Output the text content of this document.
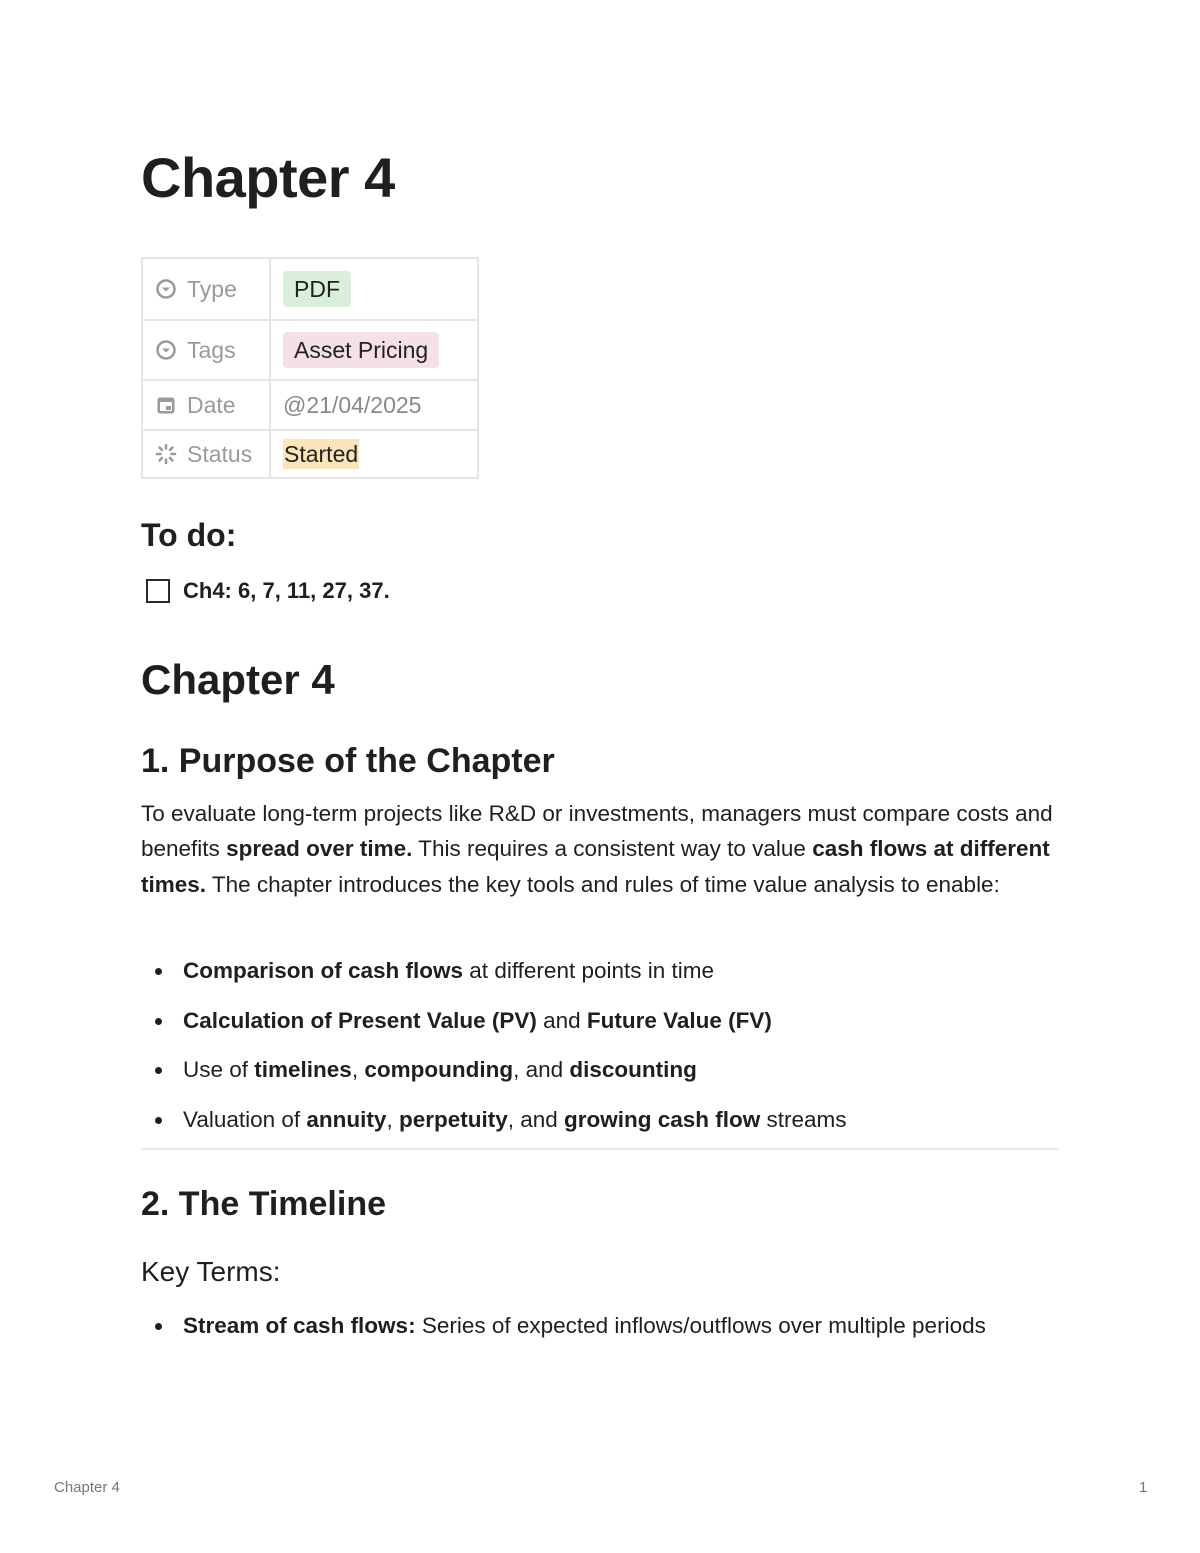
Chapter 4
Type	PDF

Tags	Asset Pricing

Date	@21/04/2025

Status	Started
To do:
Ch4: 6, 7, 11, 27, 37.
Chapter 4
1. Purpose of the Chapter

To evaluate long-term projects like R&D or investments, managers must compare costs and benefits spread over time. This requires a consistent way to value cash flows at different times. The chapter introduces the key tools and rules of time value analysis to enable:

Comparison of cash flows at different points in time
Calculation of Present Value (PV) and Future Value (FV)
Use of timelines, compounding, and discounting
Valuation of annuity, perpetuity, and growing cash flow streams
2. The Timeline
Key Terms:
Stream of cash flows: Series of expected inflows/outflows over multiple periods
Chapter 4	1
